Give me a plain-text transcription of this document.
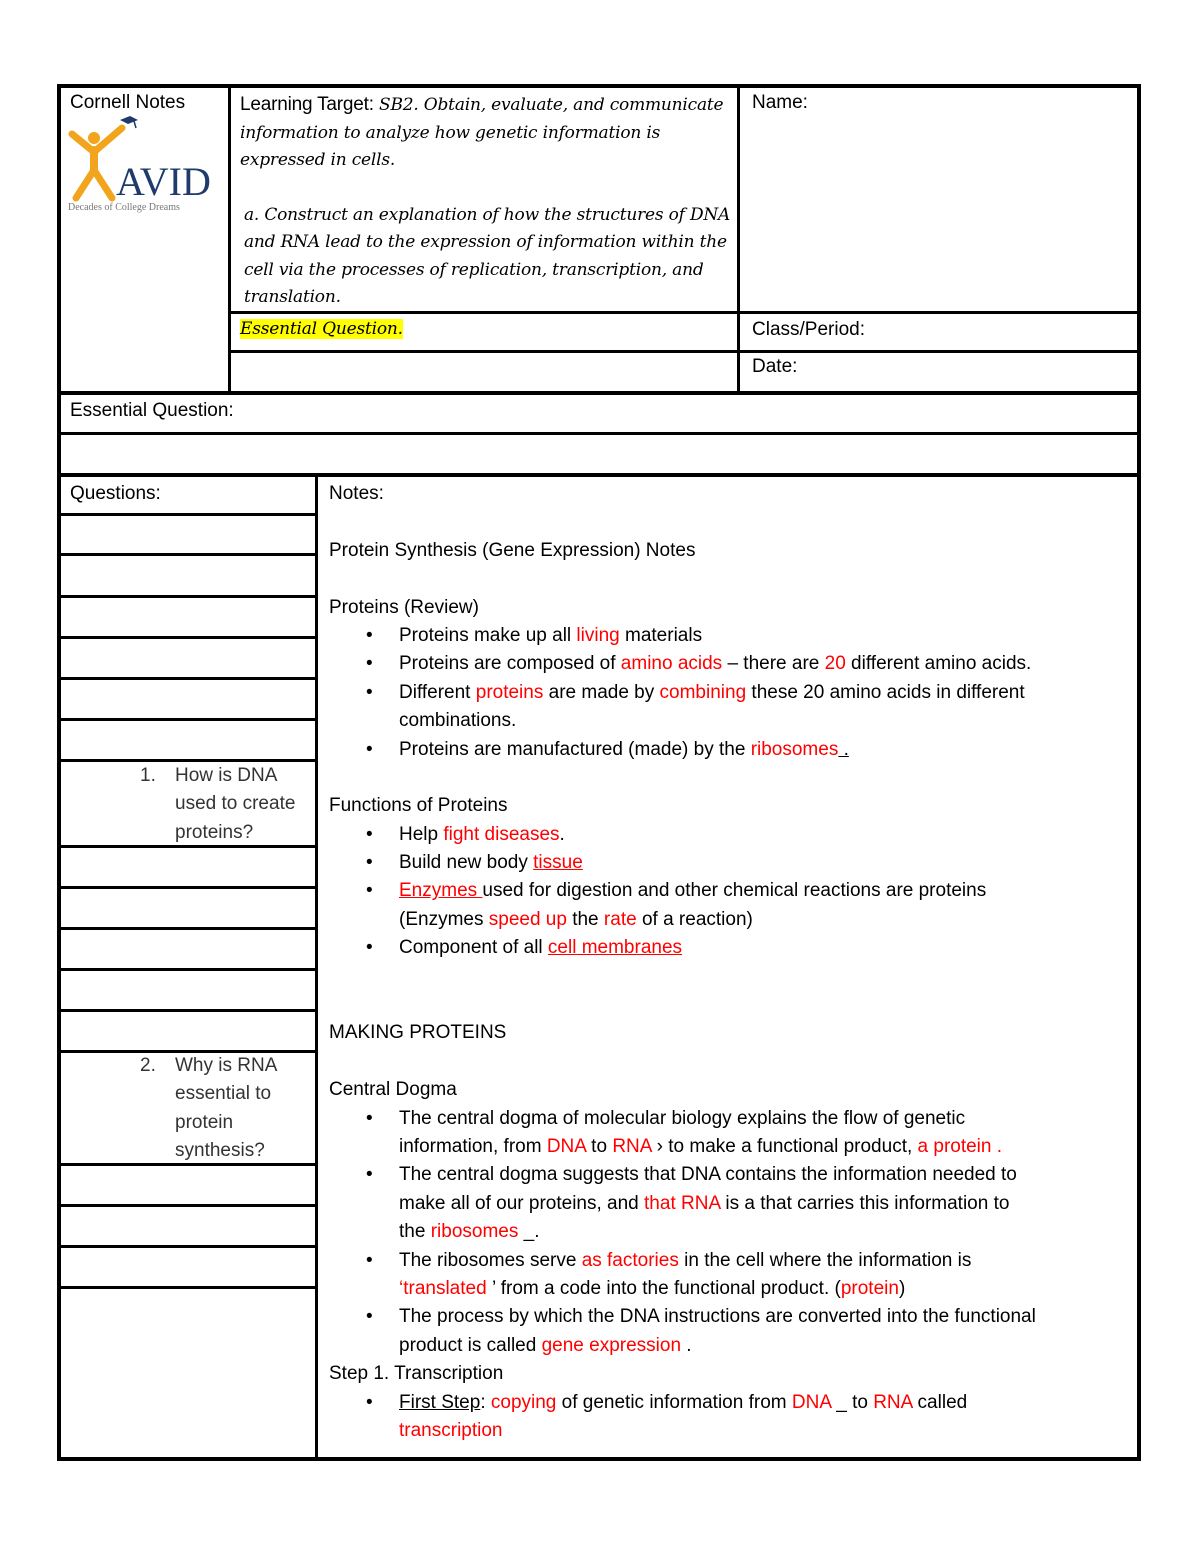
Cornell Notes
AVID
Decades of College Dreams
Learning Target: SB2. Obtain, evaluate, and communicate information to analyze how genetic information is expressed in cells.
a. Construct an explanation of how the structures of DNA and RNA lead to the expression of information within the cell via the processes of replication, transcription, and translation.
Essential Question.
Name:
Class/Period:
Date:
Essential Question:
Questions:
1. How is DNA
used to create
proteins?
2. Why is RNA
essential to
protein
synthesis?
Notes:
Protein Synthesis (Gene Expression) Notes
Proteins (Review)
• Proteins make up all living materials
• Proteins are composed of amino acids – there are 20 different amino acids.
• Different proteins are made by combining these 20 amino acids in different
combinations.
• Proteins are manufactured (made) by the ribosomes .
Functions of Proteins
• Help fight diseases.
• Build new body tissue
• Enzymes used for digestion and other chemical reactions are proteins
(Enzymes speed up the rate of a reaction)
• Component of all cell membranes
MAKING PROTEINS
Central Dogma
• The central dogma of molecular biology explains the flow of genetic
information, from DNA to RNA › to make a functional product, a protein .
• The central dogma suggests that DNA contains the information needed to
make all of our proteins, and that RNA is a that carries this information to
the ribosomes _.
• The ribosomes serve as factories in the cell where the information is
‘translated ’ from a code into the functional product. (protein)
• The process by which the DNA instructions are converted into the functional
product is called gene expression .
Step 1. Transcription
• First Step: copying of genetic information from DNA _ to RNA called
transcription
